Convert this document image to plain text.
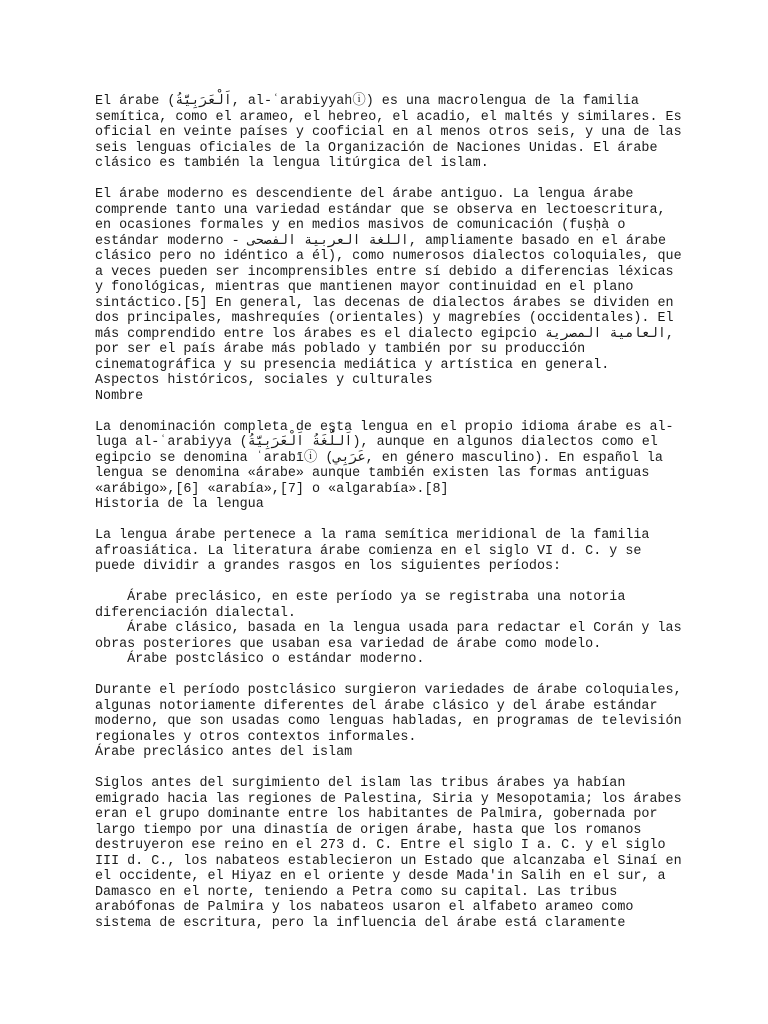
El árabe (اَلْعَرَبِيَّةُ, al-ʿarabiyyahⓘ) es una macrolengua de la familia
semítica, como el arameo, el hebreo, el acadio, el maltés y similares. Es
oficial en veinte países y cooficial en al menos otros seis, y una de las
seis lenguas oficiales de la Organización de Naciones Unidas. El árabe
clásico es también la lengua litúrgica del islam.
El árabe moderno es descendiente del árabe antiguo. La lengua árabe
comprende tanto una variedad estándar que se observa en lectoescritura,
en ocasiones formales y en medios masivos de comunicación (fuṣḥà o
estándar moderno - اللغة العربية الفصحى, ampliamente basado en el árabe
clásico pero no idéntico a él), como numerosos dialectos coloquiales, que
a veces pueden ser incomprensibles entre sí debido a diferencias léxicas
y fonológicas, mientras que mantienen mayor continuidad en el plano
sintáctico.[5] En general, las decenas de dialectos árabes se dividen en
dos principales, mashrequíes (orientales) y magrebíes (occidentales). El
más comprendido entre los árabes es el dialecto egipcio العامية المصرية,
por ser el país árabe más poblado y también por su producción
cinematográfica y su presencia mediática y artística en general.
Aspectos históricos, sociales y culturales
Nombre
La denominación completa de esta lengua en el propio idioma árabe es al-
luga al-ʿarabiyya (اَللُّغَةُ اَلْعَرَبِيَّةُ), aunque en algunos dialectos como el
egipcio se denomina ʿarabīⓘ (عَرَبِي, en género masculino). En español la
lengua se denomina «árabe» aunque también existen las formas antiguas
«arábigo»,[6] «arabía»,[7] o «algarabía».[8]
Historia de la lengua
La lengua árabe pertenece a la rama semítica meridional de la familia
afroasiática. La literatura árabe comienza en el siglo VI d. C. y se
puede dividir a grandes rasgos en los siguientes períodos:
Árabe preclásico, en este período ya se registraba una notoria
diferenciación dialectal.
Árabe clásico, basada en la lengua usada para redactar el Corán y las
obras posteriores que usaban esa variedad de árabe como modelo.
Árabe postclásico o estándar moderno.
Durante el período postclásico surgieron variedades de árabe coloquiales,
algunas notoriamente diferentes del árabe clásico y del árabe estándar
moderno, que son usadas como lenguas habladas, en programas de televisión
regionales y otros contextos informales.
Árabe preclásico antes del islam
Siglos antes del surgimiento del islam las tribus árabes ya habían
emigrado hacia las regiones de Palestina, Siria y Mesopotamia; los árabes
eran el grupo dominante entre los habitantes de Palmira, gobernada por
largo tiempo por una dinastía de origen árabe, hasta que los romanos
destruyeron ese reino en el 273 d. C. Entre el siglo I a. C. y el siglo
III d. C., los nabateos establecieron un Estado que alcanzaba el Sinaí en
el occidente, el Hiyaz en el oriente y desde Mada'in Salih en el sur, a
Damasco en el norte, teniendo a Petra como su capital. Las tribus
arabófonas de Palmira y los nabateos usaron el alfabeto arameo como
sistema de escritura, pero la influencia del árabe está claramente
